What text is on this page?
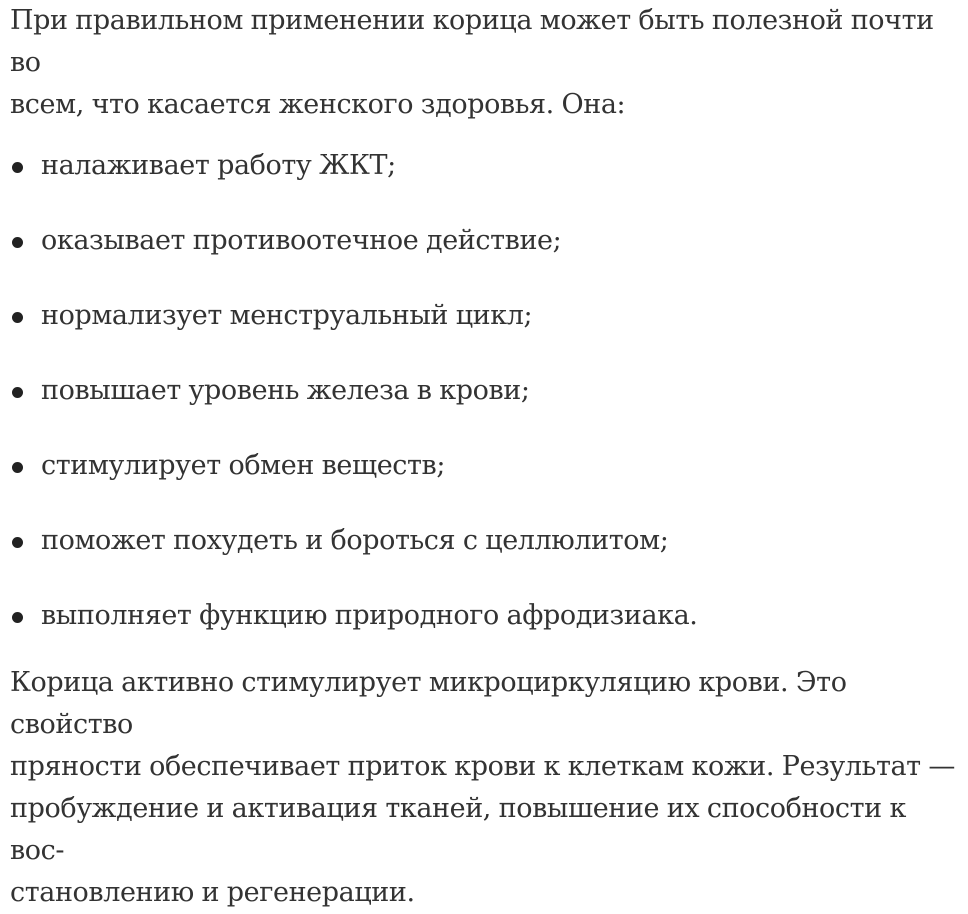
При правильном применении корица может быть полезной почти во
всем, что касается женского здоровья. Она:

налаживает работу ЖКТ;
оказывает противоотечное действие;
нормализует менструальный цикл;
повышает уровень железа в крови;
стимулирует обмен веществ;
поможет похудеть и бороться с целлюлитом;
выполняет функцию природного афродизиака.

Корица активно стимулирует микроциркуляцию крови. Это свойство
пряности обеспечивает приток крови к клеткам кожи. Результат —
пробуждение и активация тканей, повышение их способности к вос-
становлению и регенерации.
